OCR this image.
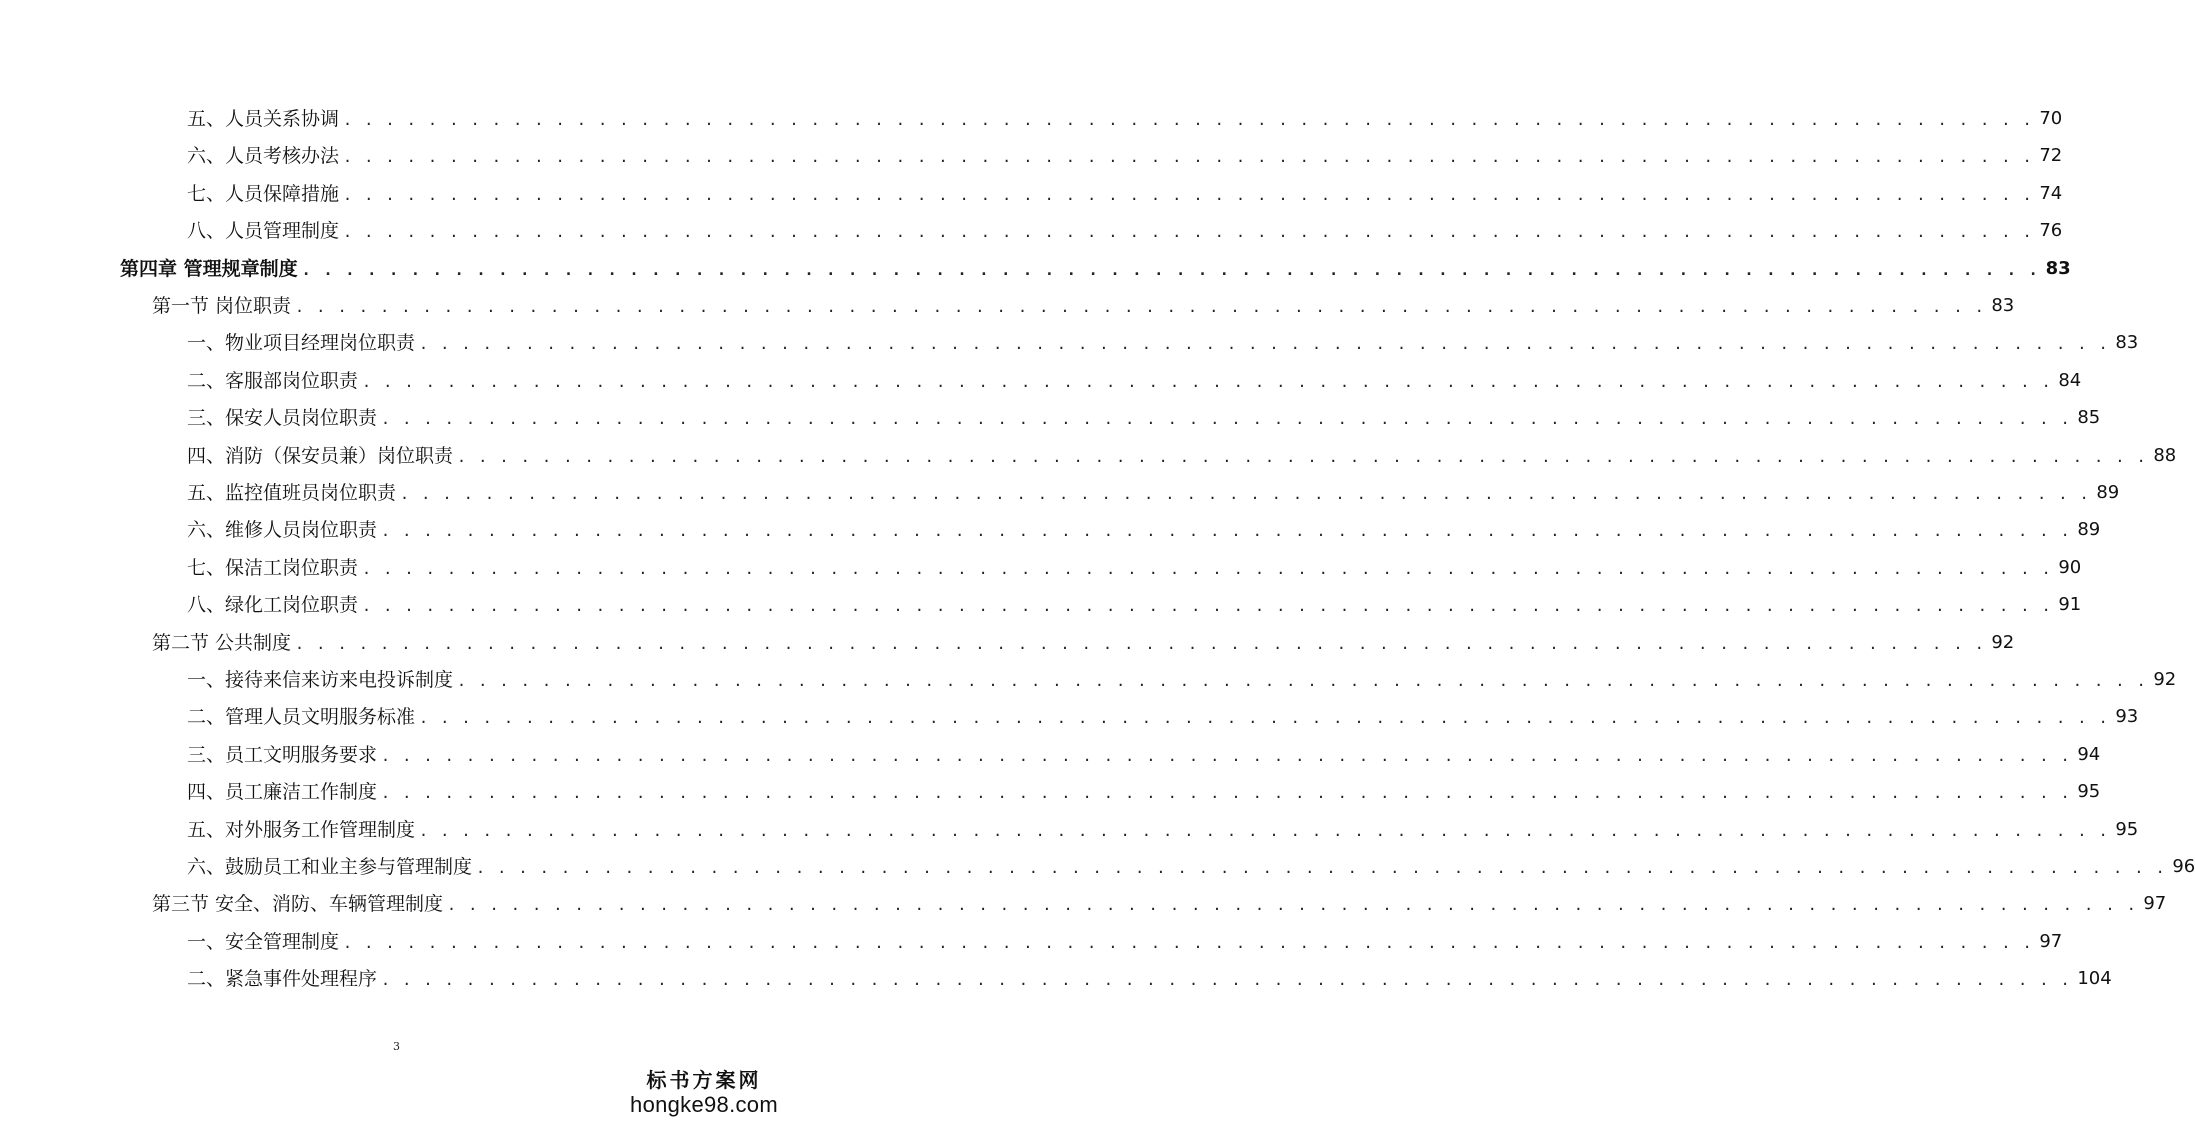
五、人员关系协调 . . . . . . . . . . . . . . . . . . . . . . . . . . . . . . . . . . . . . . . . . . . . . . . . . . . . . . . . . . . . . . . . . . . . . . . . . . . . . . . . 70
六、人员考核办法 . . . . . . . . . . . . . . . . . . . . . . . . . . . . . . . . . . . . . . . . . . . . . . . . . . . . . . . . . . . . . . . . . . . . . . . . . . . . . . . . 72
七、人员保障措施 . . . . . . . . . . . . . . . . . . . . . . . . . . . . . . . . . . . . . . . . . . . . . . . . . . . . . . . . . . . . . . . . . . . . . . . . . . . . . . . . 74
八、人员管理制度 . . . . . . . . . . . . . . . . . . . . . . . . . . . . . . . . . . . . . . . . . . . . . . . . . . . . . . . . . . . . . . . . . . . . . . . . . . . . . . . . 76
第四章 管理规章制度 . . . . . . . . . . . . . . . . . . . . . . . . . . . . . . . . . . . . . . . . . . . . . . . . . . . . . . . . . . . . . . . . . . . . . . . . . . . . . . . . 83
第一节 岗位职责 . . . . . . . . . . . . . . . . . . . . . . . . . . . . . . . . . . . . . . . . . . . . . . . . . . . . . . . . . . . . . . . . . . . . . . . . . . . . . . . . 83
一、物业项目经理岗位职责 . . . . . . . . . . . . . . . . . . . . . . . . . . . . . . . . . . . . . . . . . . . . . . . . . . . . . . . . . . . . . . . . . . . . . . . . . . . . . . . . 83
二、客服部岗位职责 . . . . . . . . . . . . . . . . . . . . . . . . . . . . . . . . . . . . . . . . . . . . . . . . . . . . . . . . . . . . . . . . . . . . . . . . . . . . . . . . 84
三、保安人员岗位职责 . . . . . . . . . . . . . . . . . . . . . . . . . . . . . . . . . . . . . . . . . . . . . . . . . . . . . . . . . . . . . . . . . . . . . . . . . . . . . . . . 85
四、消防（保安员兼）岗位职责 . . . . . . . . . . . . . . . . . . . . . . . . . . . . . . . . . . . . . . . . . . . . . . . . . . . . . . . . . . . . . . . . . . . . . . . . . . . . . . . . 88
五、监控值班员岗位职责 . . . . . . . . . . . . . . . . . . . . . . . . . . . . . . . . . . . . . . . . . . . . . . . . . . . . . . . . . . . . . . . . . . . . . . . . . . . . . . . . 89
六、维修人员岗位职责 . . . . . . . . . . . . . . . . . . . . . . . . . . . . . . . . . . . . . . . . . . . . . . . . . . . . . . . . . . . . . . . . . . . . . . . . . . . . . . . . 89
七、保洁工岗位职责 . . . . . . . . . . . . . . . . . . . . . . . . . . . . . . . . . . . . . . . . . . . . . . . . . . . . . . . . . . . . . . . . . . . . . . . . . . . . . . . . 90
八、绿化工岗位职责 . . . . . . . . . . . . . . . . . . . . . . . . . . . . . . . . . . . . . . . . . . . . . . . . . . . . . . . . . . . . . . . . . . . . . . . . . . . . . . . . 91
第二节 公共制度 . . . . . . . . . . . . . . . . . . . . . . . . . . . . . . . . . . . . . . . . . . . . . . . . . . . . . . . . . . . . . . . . . . . . . . . . . . . . . . . . 92
一、接待来信来访来电投诉制度 . . . . . . . . . . . . . . . . . . . . . . . . . . . . . . . . . . . . . . . . . . . . . . . . . . . . . . . . . . . . . . . . . . . . . . . . . . . . . . . . 92
二、管理人员文明服务标准 . . . . . . . . . . . . . . . . . . . . . . . . . . . . . . . . . . . . . . . . . . . . . . . . . . . . . . . . . . . . . . . . . . . . . . . . . . . . . . . . 93
三、员工文明服务要求 . . . . . . . . . . . . . . . . . . . . . . . . . . . . . . . . . . . . . . . . . . . . . . . . . . . . . . . . . . . . . . . . . . . . . . . . . . . . . . . . 94
四、员工廉洁工作制度 . . . . . . . . . . . . . . . . . . . . . . . . . . . . . . . . . . . . . . . . . . . . . . . . . . . . . . . . . . . . . . . . . . . . . . . . . . . . . . . . 95
五、对外服务工作管理制度 . . . . . . . . . . . . . . . . . . . . . . . . . . . . . . . . . . . . . . . . . . . . . . . . . . . . . . . . . . . . . . . . . . . . . . . . . . . . . . . . 95
六、鼓励员工和业主参与管理制度 . . . . . . . . . . . . . . . . . . . . . . . . . . . . . . . . . . . . . . . . . . . . . . . . . . . . . . . . . . . . . . . . . . . . . . . . . . . . . . . . 96
第三节 安全、消防、车辆管理制度 . . . . . . . . . . . . . . . . . . . . . . . . . . . . . . . . . . . . . . . . . . . . . . . . . . . . . . . . . . . . . . . . . . . . . . . . . . . . . . . . 97
一、安全管理制度 . . . . . . . . . . . . . . . . . . . . . . . . . . . . . . . . . . . . . . . . . . . . . . . . . . . . . . . . . . . . . . . . . . . . . . . . . . . . . . . . 97
二、紧急事件处理程序 . . . . . . . . . . . . . . . . . . . . . . . . . . . . . . . . . . . . . . . . . . . . . . . . . . . . . . . . . . . . . . . . . . . . . . . . . . . . . . . . 104
3
标书方案网
hongke98.com
